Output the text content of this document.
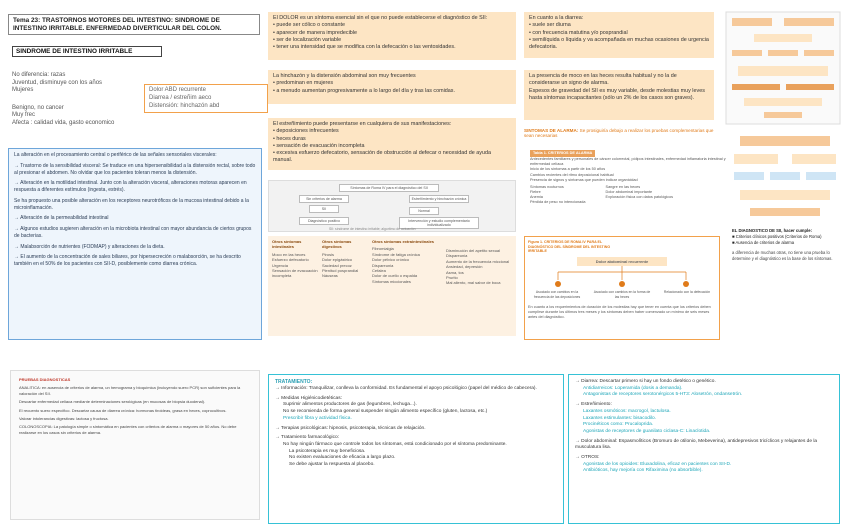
Tema 23: TRASTORNOS MOTORES DEL INTESTINO: SINDROME DE INTESTINO IRRITABLE. ENFERMEDAD DIVERTICULAR DEL COLON.
SINDROME DE INTESTINO IRRITABLE
No diferencia: razas
Juventud, disminuye con los años
Mujeres
Benigno, no cancer
Muy frec
Afecta : calidad vida, gasto economico
Dolor ABD recurrente
Diarrea / estreñim aeco
Distensión: hinchazón abd

La alteración en el procesamiento central o periférico de las señales sensoriales viscerales:

→ Trastorno de la sensibilidad visceral: Se traduce en una hipersensibilidad a la distensión rectal, sobre todo al presionar el abdomen. No olvidar que los pacientes toleran menos la distensión.

→ Alteración en la motilidad intestinal. Junto con la alteración visceral, alteraciones motoras aparecen en respuesta a diferentes estímulos (ingesta, estrés).

Se ha propuesto una posible alteración en los receptores neurotróficos de la mucosa intestinal debido a la microinflamación.

→ Alteración de la permeabilidad intestinal

→ Algunos estudios sugieren alteración en la microbiota intestinal con mayor abundancia de ciertos grupos de bacterias.

→ Malabsorción de nutrientes (FODMAP) y alteraciones de la dieta.

→ El aumento de la concentración de sales biliares, por hipersecreción o malabsorción, se ha descrito también en el 50% de los pacientes con SII-D, posiblemente como diarrea crónica.

El DOLOR es un síntoma esencial sin el que no puede establecerse el diagnóstico de SII:
• puede ser cólico o constante
• aparecer de manera impredecible
• ser de localización variable
• tener una intensidad que se modifica con la defecación o las ventosidades.
La hinchazón y la distensión abdominal son muy frecuentes
• predominan en mujeres
• a menudo aumentan progresivamente a lo largo del día y tras las comidas.
El estreñimiento puede presentarse en cualquiera de sus manifestaciones:
• deposiciones infrecuentes
• heces duras
• sensación de evacuación incompleta
• excesiva esfuerzo defecatorio, sensación de obstrucción al defecar o necesidad de ayuda manual.
Síntomas de Roma IV para el diagnóstico del SII
Sin criterios de alarma
SII
Estreñimiento y hinchazón crónica
Normal
Diagnóstico positivo	Intervención y estudio complementario individualizado
SII: síndrome de intestino irritable; algoritmo de actuación
Otros síntomas intestinales
Moco en las heces
Esfuerzo defecatorio
Urgencia
Sensación de evacuación incompleta
Otros síntomas digestivos
Pirosis
Dolor epigástrico
Saciedad precoz
Plenitud posprandial
Náuseas
Otros síntomas extraintestinales
Fibromialgia
Síndrome de fatiga crónica
Dolor pélvico crónico
Dispareunia
Cefalea
Dolor de cuello o espalda
Síntomas miccionales
Disminución del apetito sexual
Dispareunia
Aumento de la frecuencia miccional
Ansiedad, depresión
Asma, tos
Prurito
Mal aliento, mal sabor de boca
En cuanto a la diarrea:
• suele ser diurna
• con frecuencia matutina y/o posprandial
• semilíquida o líquida y va acompañada en muchas ocasiones de urgencia defecatoria.
La presencia de moco en las heces resulta habitual y no la de considerarse un signo de alarma.
Espesos de gravedad del SII es muy variable, desde molestias muy leves hasta síntomas incapacitantes (sólo un 2% de los casos son graves).
SINTOMAS DE ALARMA: Se prosiguiría debajo a realizar los pruebas complementarias que sean necesarias
Tabla 1. CRITERIOS DE ALARMA
Antecedentes familiares y personales de cáncer colorrectal, pólipos intestinales, enfermedad inflamatoria intestinal y enfermedad celíaca
Inicio de los síntomas a partir de los 50 años
Cambios recientes del ritmo deposicional habitual
Presencia de signos y síntomas que pueden indicar organicidad
Síntomas nocturnos
Fiebre
Anemia
Pérdida de peso no intencionada
Sangre en las heces
Dolor abdominal importante
Exploración física con datos patológicos
Figura 1. CRITERIOS DE ROMA IV PARA EL DIAGNÓSTICO DEL SÍNDROME DEL INTESTINO IRRITABLE
Dolor abdominal recurrente
Asociado con cambios en la frecuencia de las deposiciones
Asociado con cambios en la forma de las heces
Relacionado con la defecación
En cuanto a los requerimientos de duración de los molestias hay que tener en cuenta que los criterios deben cumplirse durante los últimos tres meses y los síntomas deben haber comenzado un mínimo de seis meses antes del diagnóstico.
EL DIAGNOSTICO DE SII, hacer cumple:
■ Criterios clínicos positivos (Criterios de Roma)
■ Ausencia de criterios de alarma
a diferencia de muchas otras, no tiene una prueba lo determine y el diagnóstico es la base de los síntomas.
PRUEBAS DIAGNOSTICAS

ANALITICA: en ausencia de criterios de alarma, un hemograma y bioquímica (incluyendo suero PCR) son suficientes para la valoración del SII.

Descartar enfermedad celiaca mediante determinaciones serológicas (en mucosas de biopsia duodenal).

El recuento suero específico. Descartar causa de diarrea crónica: hormonas tiroideas, grasa en heces, coprocultivos.

Valorar intolerancias digestivas: lactosa y fructosa.

COLONOSCOPIA: La patología simple o sintomática en pacientes con criterios de alarma o mayores de 50 años. No debe realizarse en los casos sin criterios de alarma.

TRATAMIENTO:
→ Información: Tranquilizar, conlleva la conformidad. Es fundamental el apoyo psicológico (papel del médico de cabecera).
→ Medidas Higiénicodietéticas:
Suprimir alimentos productores de gas (legumbres, lechuga...).
No se recomienda de forma general suspender ningún alimento específico (gluten, lactosa, etc.)
Prescribir fibra y actividad física.
→ Terapias psicológicas: hipnosis, psicoterapia, técnicas de relajación.
→ Tratamiento farmacológico:
No hay ningún fármaco que controle todos los síntomas, está condicionado por el síntoma predominante.
La psicoterapia es muy beneficiosa.
No existen evaluaciones de eficacia a largo plazo.
Se debe ajustar la respuesta al placebo.
→ Diarrea: Descartar primero si hay un fondo dietético o genético.
Antidiarreicos: Loperamida (dosis a demanda).
Antagonistas de receptores serotonérgicos 5-HT3: Alosetrón, ondansetrón.
→ Estreñimiento:
Laxantes osmóticos: macrogol, lactulosa.
Laxantes estimulantes: bisacodilo.
Procinéticos como: Prucaloprida.
Agonistas de receptores de guanilato ciclasa-C: Linaclotida.
→ Dolor abdominal: Espasmolíticos (Bromuro de otilonio, Mebeverina), antidepresivos tricíclicos y relajantes de la musculatura lisa.
→ OTROS:
Agonistas de los opioides: Eluxadolina, eficaz en pacientes con SII-D.
Antibióticos, hay mejoría con Rifaximina (no absorbible).
